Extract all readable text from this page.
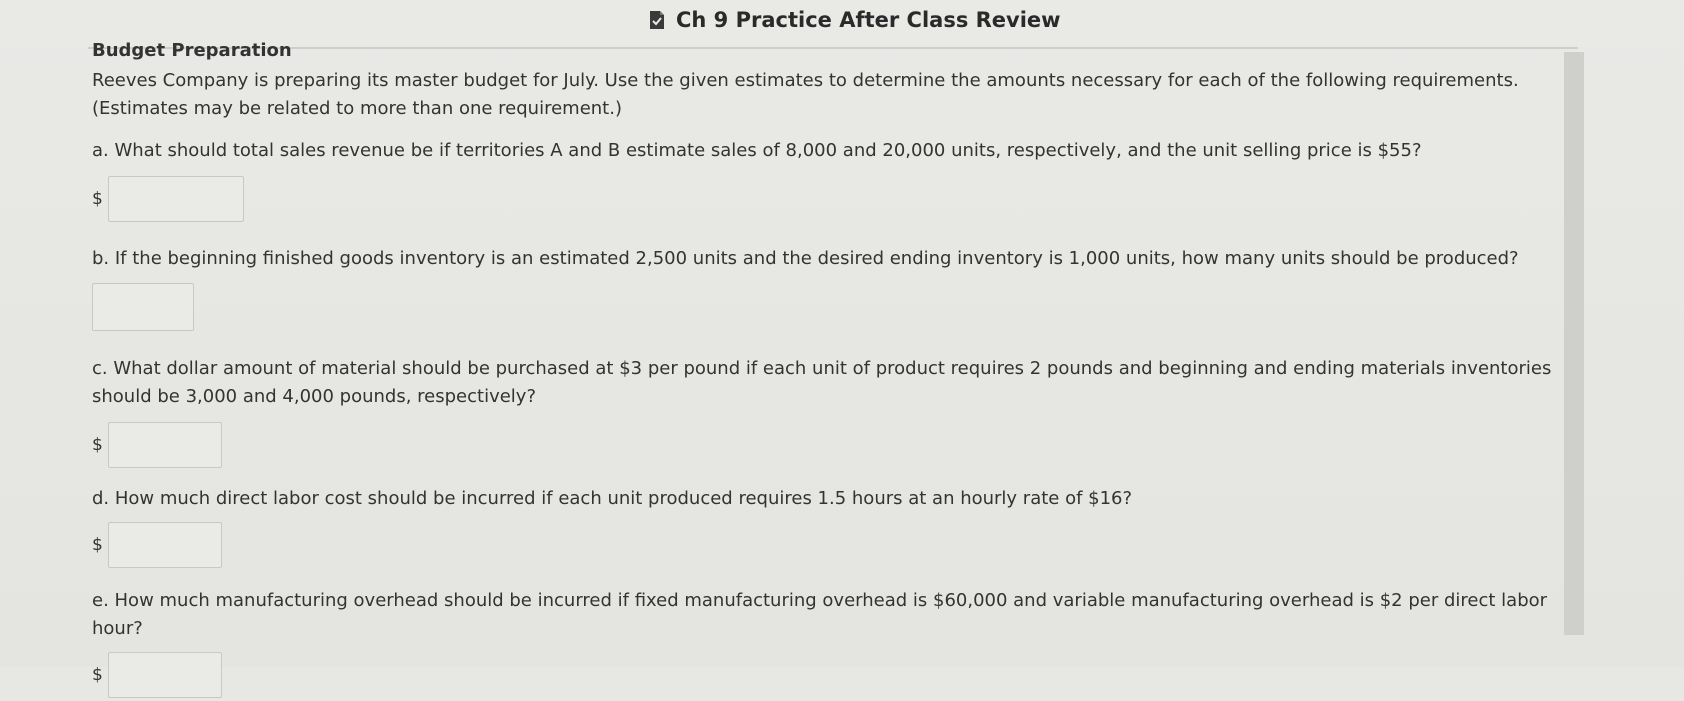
Ch 9 Practice After Class Review
Budget Preparation

Reeves Company is preparing its master budget for July. Use the given estimates to determine the amounts necessary for each of the following requirements. (Estimates may be related to more than one requirement.)

a. What should total sales revenue be if territories A and B estimate sales of 8,000 and 20,000 units, respectively, and the unit selling price is $55?

$

b. If the beginning finished goods inventory is an estimated 2,500 units and the desired ending inventory is 1,000 units, how many units should be produced?

c. What dollar amount of material should be purchased at $3 per pound if each unit of product requires 2 pounds and beginning and ending materials inventories should be 3,000 and 4,000 pounds, respectively?

$

d. How much direct labor cost should be incurred if each unit produced requires 1.5 hours at an hourly rate of $16?

$

e. How much manufacturing overhead should be incurred if fixed manufacturing overhead is $60,000 and variable manufacturing overhead is $2 per direct labor hour?

$
